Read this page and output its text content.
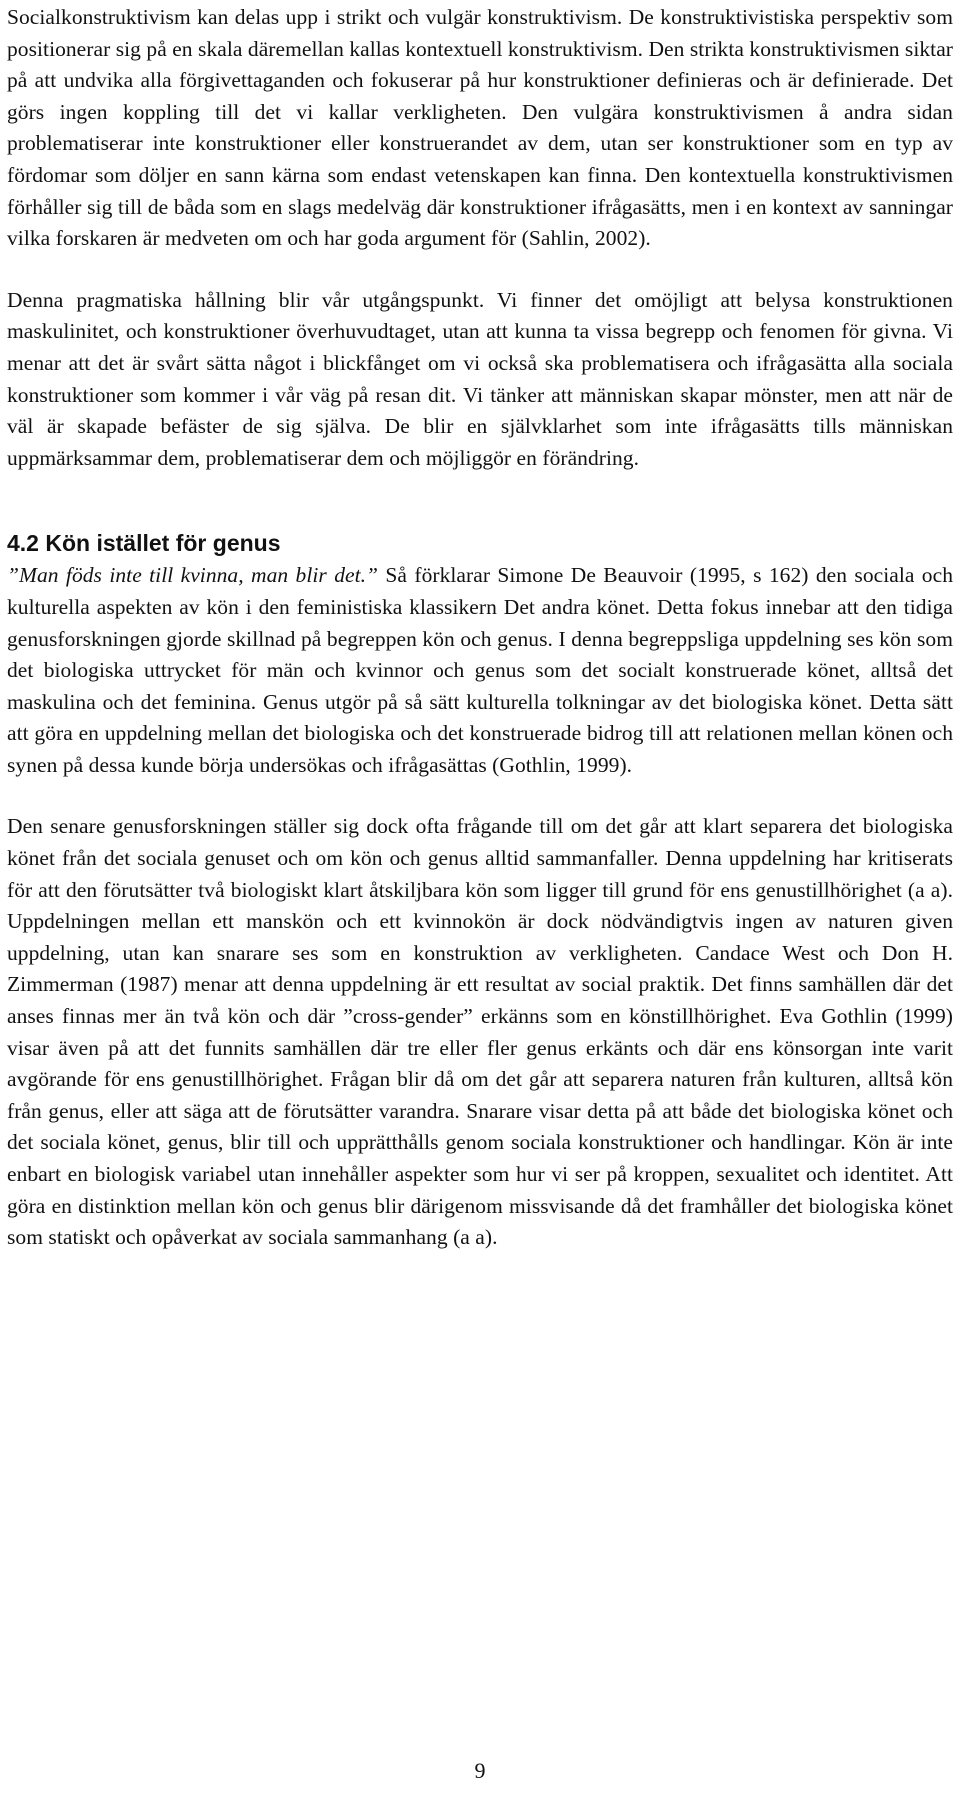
Socialkonstruktivism kan delas upp i strikt och vulgär konstruktivism. De konstruktivistiska perspektiv som positionerar sig på en skala däremellan kallas kontextuell konstruktivism. Den strikta konstruktivismen siktar på att undvika alla förgivettaganden och fokuserar på hur konstruktioner definieras och är definierade. Det görs ingen koppling till det vi kallar verkligheten. Den vulgära konstruktivismen å andra sidan problematiserar inte konstruktioner eller konstruerandet av dem, utan ser konstruktioner som en typ av fördomar som döljer en sann kärna som endast vetenskapen kan finna. Den kontextuella konstruktivismen förhåller sig till de båda som en slags medelväg där konstruktioner ifrågasätts, men i en kontext av sanningar vilka forskaren är medveten om och har goda argument för (Sahlin, 2002).

Denna pragmatiska hållning blir vår utgångspunkt. Vi finner det omöjligt att belysa konstruktionen maskulinitet, och konstruktioner överhuvudtaget, utan att kunna ta vissa begrepp och fenomen för givna. Vi menar att det är svårt sätta något i blickfånget om vi också ska problematisera och ifrågasätta alla sociala konstruktioner som kommer i vår väg på resan dit. Vi tänker att människan skapar mönster, men att när de väl är skapade befäster de sig själva. De blir en självklarhet som inte ifrågasätts tills människan uppmärksammar dem, problematiserar dem och möjliggör en förändring.

4.2 Kön istället för genus

”Man föds inte till kvinna, man blir det.” Så förklarar Simone De Beauvoir (1995, s 162) den sociala och kulturella aspekten av kön i den feministiska klassikern Det andra könet. Detta fokus innebar att den tidiga genusforskningen gjorde skillnad på begreppen kön och genus. I denna begreppsliga uppdelning ses kön som det biologiska uttrycket för män och kvinnor och genus som det socialt konstruerade könet, alltså det maskulina och det feminina. Genus utgör på så sätt kulturella tolkningar av det biologiska könet. Detta sätt att göra en uppdelning mellan det biologiska och det konstruerade bidrog till att relationen mellan könen och synen på dessa kunde börja undersökas och ifrågasättas (Gothlin, 1999).

Den senare genusforskningen ställer sig dock ofta frågande till om det går att klart separera det biologiska könet från det sociala genuset och om kön och genus alltid sammanfaller. Denna uppdelning har kritiserats för att den förutsätter två biologiskt klart åtskiljbara kön som ligger till grund för ens genustillhörighet (a a). Uppdelningen mellan ett manskön och ett kvinnokön är dock nödvändigtvis ingen av naturen given uppdelning, utan kan snarare ses som en konstruktion av verkligheten. Candace West och Don H. Zimmerman (1987) menar att denna uppdelning är ett resultat av social praktik. Det finns samhällen där det anses finnas mer än två kön och där ”cross-gender” erkänns som en könstillhörighet. Eva Gothlin (1999) visar även på att det funnits samhällen där tre eller fler genus erkänts och där ens könsorgan inte varit avgörande för ens genustillhörighet. Frågan blir då om det går att separera naturen från kulturen, alltså kön från genus, eller att säga att de förutsätter varandra. Snarare visar detta på att både det biologiska könet och det sociala könet, genus, blir till och upprätthålls genom sociala konstruktioner och handlingar. Kön är inte enbart en biologisk variabel utan innehåller aspekter som hur vi ser på kroppen, sexualitet och identitet. Att göra en distinktion mellan kön och genus blir därigenom missvisande då det framhåller det biologiska könet som statiskt och opåverkat av sociala sammanhang (a a).

9
